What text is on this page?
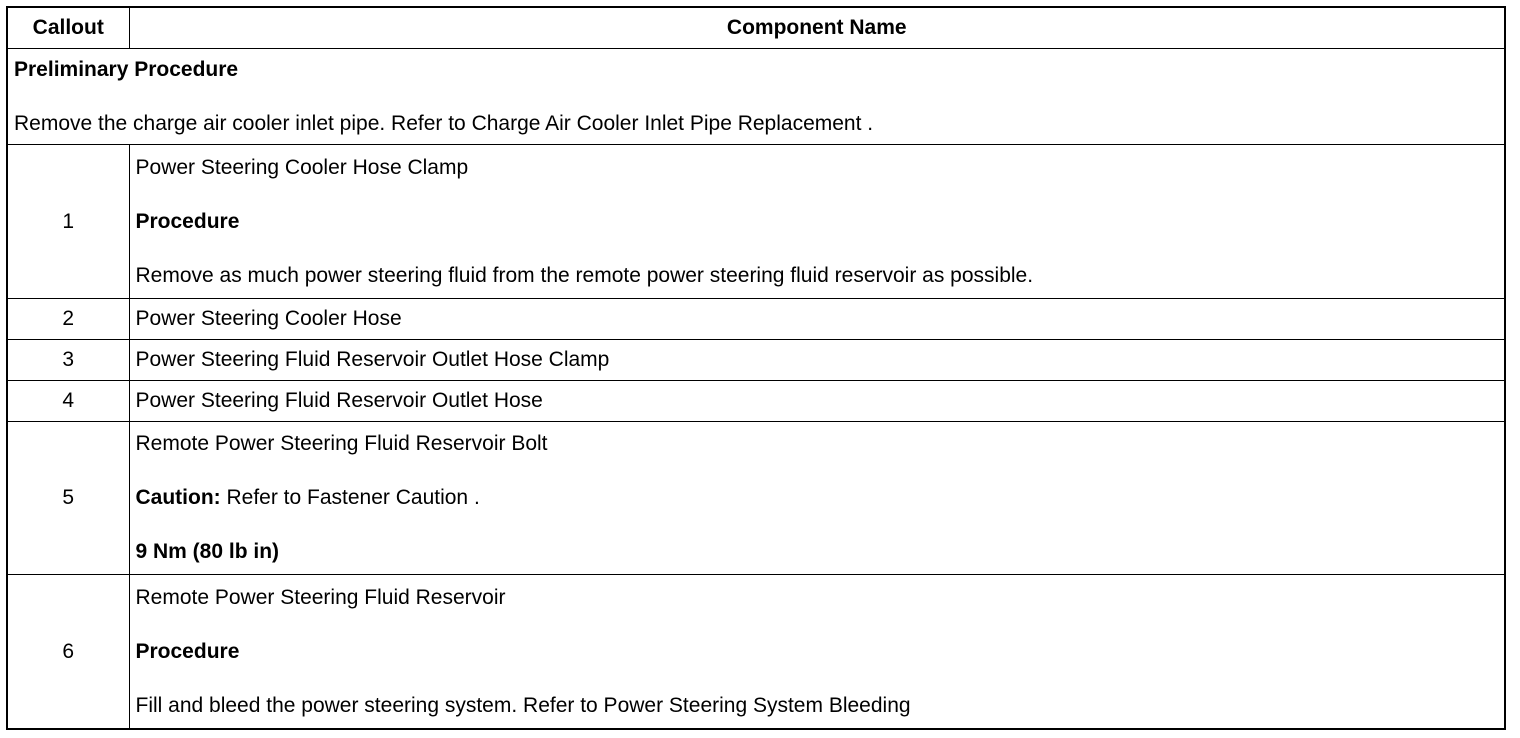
Callout	Component Name

Preliminary Procedure

Remove the charge air cooler inlet pipe. Refer to Charge Air Cooler Inlet Pipe Replacement .	

1	Power Steering Cooler Hose Clamp

Procedure

Remove as much power steering fluid from the remote power steering fluid reservoir as possible.

2	Power Steering Cooler Hose
3	Power Steering Fluid Reservoir Outlet Hose Clamp
4	Power Steering Fluid Reservoir Outlet Hose
5	Remote Power Steering Fluid Reservoir Bolt

Caution: Refer to Fastener Caution .

9 Nm (80 lb in)

6	Remote Power Steering Fluid Reservoir

Procedure

Fill and bleed the power steering system. Refer to Power Steering System Bleeding
